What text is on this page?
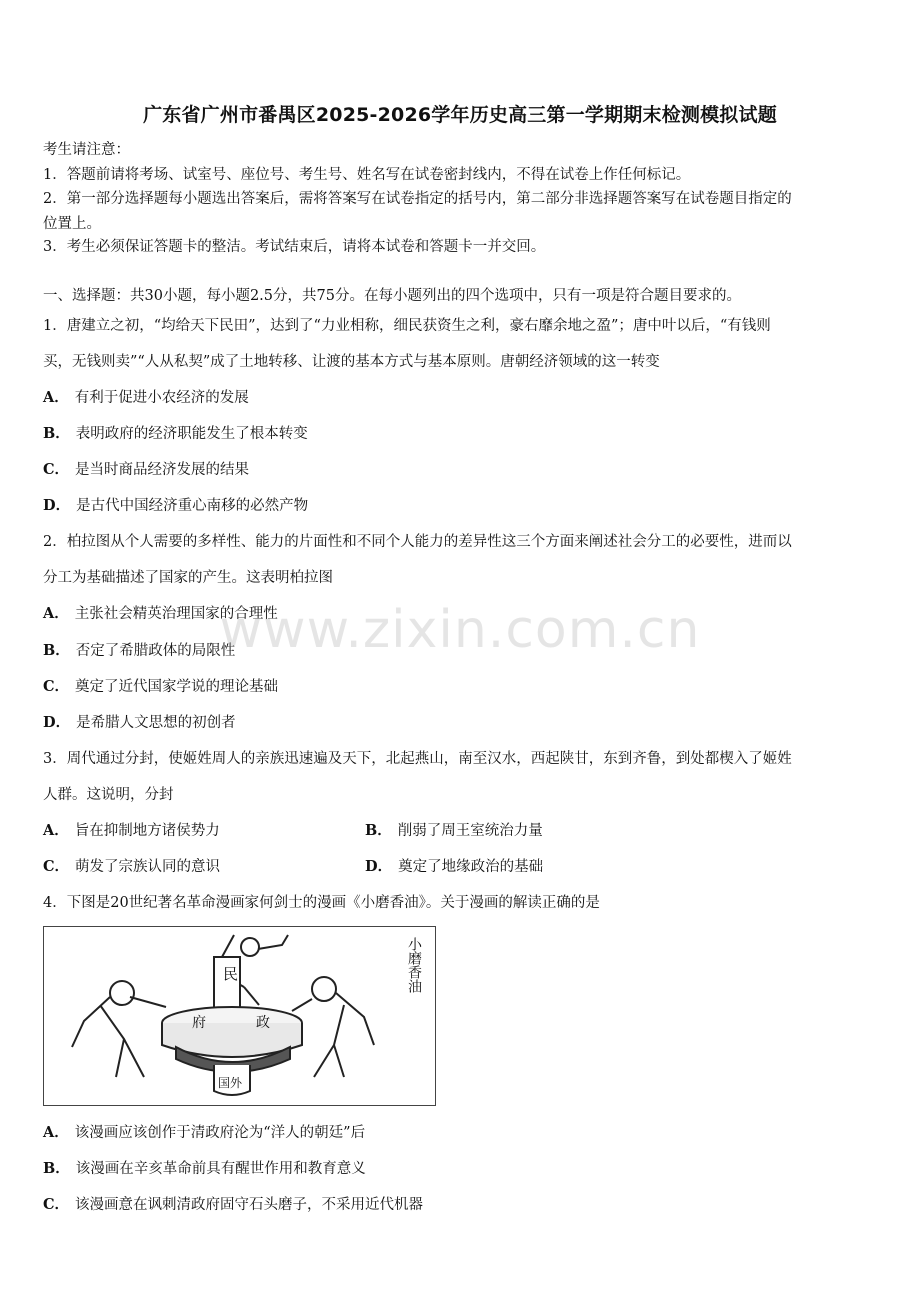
广东省广州市番禺区2025-2026学年历史高三第一学期期末检测模拟试题
考生请注意：
1．答题前请将考场、试室号、座位号、考生号、姓名写在试卷密封线内，不得在试卷上作任何标记。
2．第一部分选择题每小题选出答案后，需将答案写在试卷指定的括号内，第二部分非选择题答案写在试卷题目指定的
位置上。
3．考生必须保证答题卡的整洁。考试结束后，请将本试卷和答题卡一并交回。
一、选择题：共30小题，每小题2.5分，共75分。在每小题列出的四个选项中，只有一项是符合题目要求的。
1．唐建立之初，“均给天下民田”，达到了“力业相称，细民获资生之利，豪右靡余地之盈”；唐中叶以后，“有钱则
买，无钱则卖”“人从私契”成了土地转移、让渡的基本方式与基本原则。唐朝经济领域的这一转变
A． 有利于促进小农经济的发展
B． 表明政府的经济职能发生了根本转变
C． 是当时商品经济发展的结果
D． 是古代中国经济重心南移的必然产物
2．柏拉图从个人需要的多样性、能力的片面性和不同个人能力的差异性这三个方面来阐述社会分工的必要性，进而以
分工为基础描述了国家的产生。这表明柏拉图
A． 主张社会精英治理国家的合理性
B． 否定了希腊政体的局限性
C． 奠定了近代国家学说的理论基础
D． 是希腊人文思想的初创者
3．周代通过分封，使姬姓周人的亲族迅速遍及天下，北起燕山，南至汉水，西起陕甘，东到齐鲁，到处都楔入了姬姓
人群。这说明，分封
A． 旨在抑制地方诸侯势力	B． 削弱了周王室统治力量
C． 萌发了宗族认同的意识	D． 奠定了地缘政治的基础
4．下图是20世纪著名革命漫画家何剑士的漫画《小磨香油》。关于漫画的解读正确的是
民
府	政
国外
小磨香油
A． 该漫画应该创作于清政府沦为“洋人的朝廷”后
B． 该漫画在辛亥革命前具有醒世作用和教育意义
C． 该漫画意在讽刺清政府固守石头磨子，不采用近代机器
www.zixin.com.cn
